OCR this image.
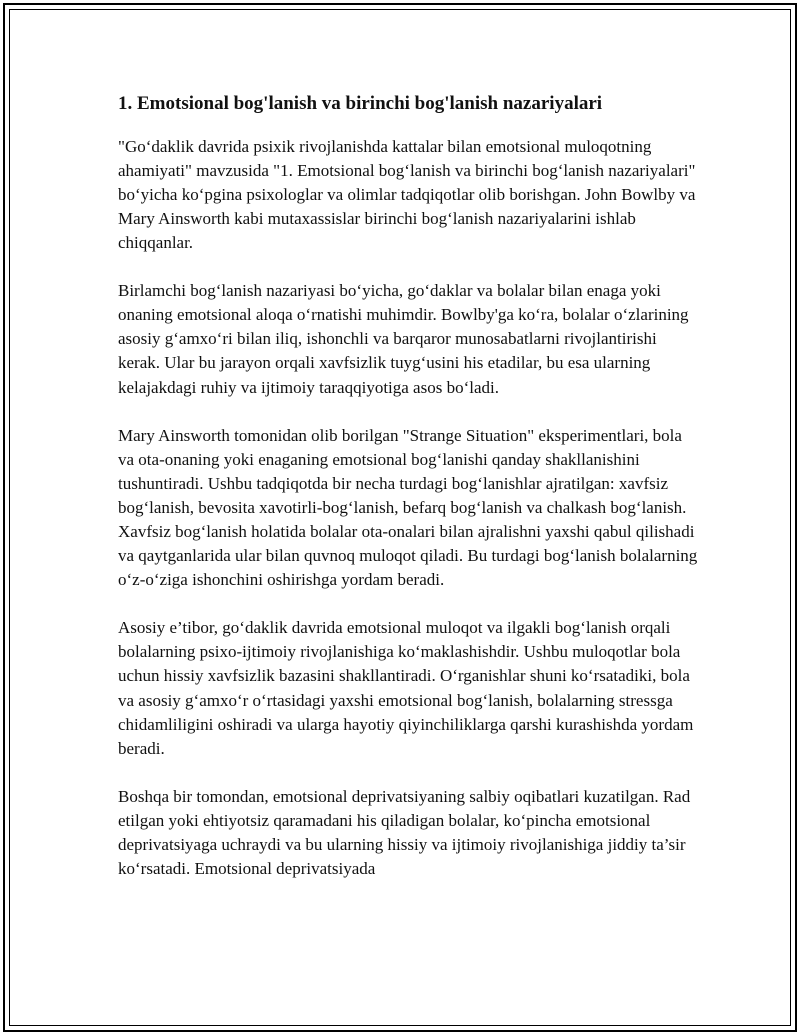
1. Emotsional bog'lanish va birinchi bog'lanish nazariyalari

"Go‘daklik davrida psixik rivojlanishda kattalar bilan emotsional muloqotning ahamiyati" mavzusida "1. Emotsional bog‘lanish va birinchi bog‘lanish nazariyalari" bo‘yicha ko‘pgina psixologlar va olimlar tadqiqotlar olib borishgan. John Bowlby va Mary Ainsworth kabi mutaxassislar birinchi bog‘lanish nazariyalarini ishlab chiqqanlar.

Birlamchi bog‘lanish nazariyasi bo‘yicha, go‘daklar va bolalar bilan enaga yoki onaning emotsional aloqa o‘rnatishi muhimdir. Bowlby'ga ko‘ra, bolalar o‘zlarining asosiy g‘amxo‘ri bilan iliq, ishonchli va barqaror munosabatlarni rivojlantirishi kerak. Ular bu jarayon orqali xavfsizlik tuyg‘usini his etadilar, bu esa ularning kelajakdagi ruhiy va ijtimoiy taraqqiyotiga asos bo‘ladi.

Mary Ainsworth tomonidan olib borilgan "Strange Situation" eksperimentlari, bola va ota-onaning yoki enaganing emotsional bog‘lanishi qanday shakllanishini tushuntiradi. Ushbu tadqiqotda bir necha turdagi bog‘lanishlar ajratilgan: xavfsiz bog‘lanish, bevosita xavotirli-bog‘lanish, befarq bog‘lanish va chalkash bog‘lanish. Xavfsiz bog‘lanish holatida bolalar ota-onalari bilan ajralishni yaxshi qabul qilishadi va qaytganlarida ular bilan quvnoq muloqot qiladi. Bu turdagi bog‘lanish bolalarning o‘z-o‘ziga ishonchini oshirishga yordam beradi.

Asosiy e’tibor, go‘daklik davrida emotsional muloqot va ilgakli bog‘lanish orqali bolalarning psixo-ijtimoiy rivojlanishiga ko‘maklashishdir. Ushbu muloqotlar bola uchun hissiy xavfsizlik bazasini shakllantiradi. O‘rganishlar shuni ko‘rsatadiki, bola va asosiy g‘amxo‘r o‘rtasidagi yaxshi emotsional bog‘lanish, bolalarning stressga chidamliligini oshiradi va ularga hayotiy qiyinchiliklarga qarshi kurashishda yordam beradi.

Boshqa bir tomondan, emotsional deprivatsiyaning salbiy oqibatlari kuzatilgan. Rad etilgan yoki ehtiyotsiz qaramadani his qiladigan bolalar, ko‘pincha emotsional deprivatsiyaga uchraydi va bu ularning hissiy va ijtimoiy rivojlanishiga jiddiy ta’sir ko‘rsatadi. Emotsional deprivatsiyada
